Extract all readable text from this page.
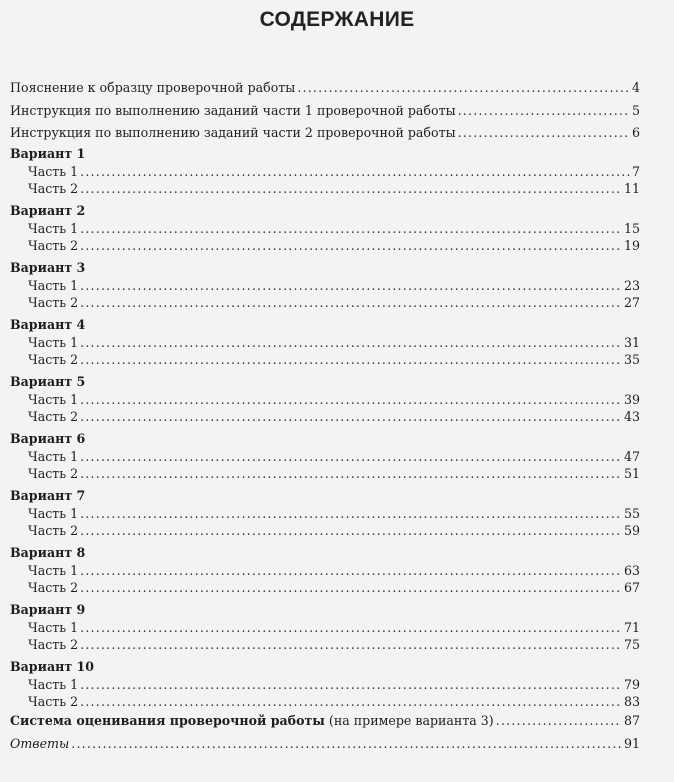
СОДЕРЖАНИЕ
Пояснение к образцу проверочной работы .....	4
Инструкция по выполнению заданий части 1 проверочной работы .....	5
Инструкция по выполнению заданий части 2 проверочной работы .....	6
Вариант 1
Часть 1 .....	7
Часть 2 .....	11
Вариант 2
Часть 1 .....	15
Часть 2 .....	19
Вариант 3
Часть 1 .....	23
Часть 2 .....	27
Вариант 4
Часть 1 .....	31
Часть 2 .....	35
Вариант 5
Часть 1 .....	39
Часть 2 .....	43
Вариант 6
Часть 1 .....	47
Часть 2 .....	51
Вариант 7
Часть 1 .....	55
Часть 2 .....	59
Вариант 8
Часть 1 .....	63
Часть 2 .....	67
Вариант 9
Часть 1 .....	71
Часть 2 .....	75
Вариант 10
Часть 1 .....	79
Часть 2 .....	83
Система оценивания проверочной работы (на примере варианта 3) .....	87
Ответы .....	91
